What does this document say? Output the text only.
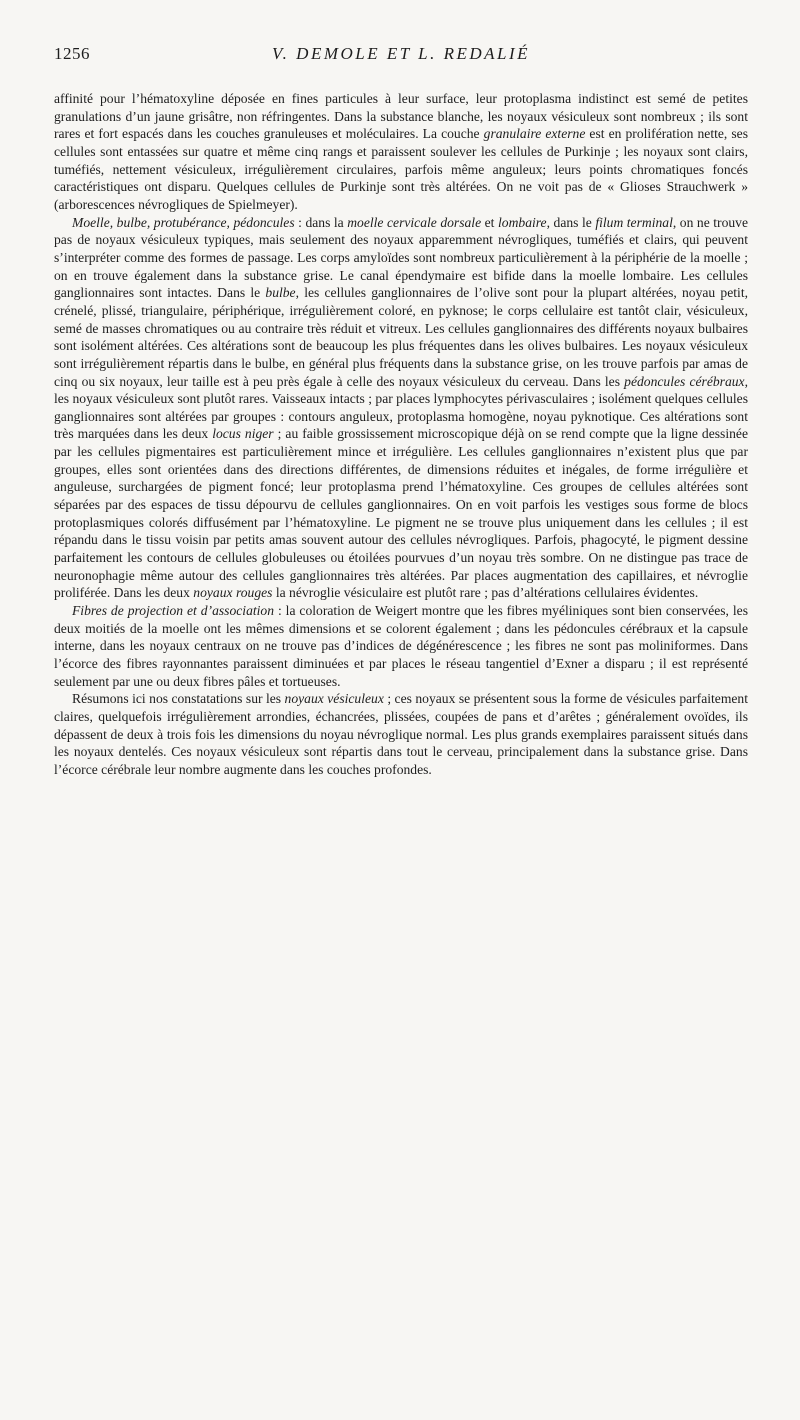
1256	V. DEMOLE ET L. REDALIÉ

affinité pour l’hématoxyline déposée en fines particules à leur surface, leur protoplasma indistinct est semé de petites granulations d’un jaune grisâtre, non réfringentes. Dans la substance blanche, les noyaux vésiculeux sont nombreux ; ils sont rares et fort espacés dans les couches granuleuses et moléculaires. La couche granulaire externe est en prolifération nette, ses cellules sont entassées sur quatre et même cinq rangs et paraissent soulever les cellules de Purkinje ; les noyaux sont clairs, tuméfiés, nettement vésiculeux, irrégulièrement circulaires, parfois même anguleux; leurs points chromatiques foncés caractéristiques ont disparu. Quelques cellules de Purkinje sont très altérées. On ne voit pas de « Glioses Strauchwerk » (arborescences névrogliques de Spielmeyer).

Moelle, bulbe, protubérance, pédoncules : dans la moelle cervicale dorsale et lombaire, dans le filum terminal, on ne trouve pas de noyaux vésiculeux typiques, mais seulement des noyaux apparemment névrogliques, tuméfiés et clairs, qui peuvent s’interpréter comme des formes de passage. Les corps amyloïdes sont nombreux particulièrement à la périphérie de la moelle ; on en trouve également dans la substance grise. Le canal épendymaire est bifide dans la moelle lombaire. Les cellules ganglionnaires sont intactes. Dans le bulbe, les cellules ganglionnaires de l’olive sont pour la plupart altérées, noyau petit, crénelé, plissé, triangulaire, périphérique, irrégulièrement coloré, en pyknose; le corps cellulaire est tantôt clair, vésiculeux, semé de masses chromatiques ou au contraire très réduit et vitreux. Les cellules ganglionnaires des différents noyaux bulbaires sont isolément altérées. Ces altérations sont de beaucoup les plus fréquentes dans les olives bulbaires. Les noyaux vésiculeux sont irrégulièrement répartis dans le bulbe, en général plus fréquents dans la substance grise, on les trouve parfois par amas de cinq ou six noyaux, leur taille est à peu près égale à celle des noyaux vésiculeux du cerveau. Dans les pédoncules cérébraux, les noyaux vésiculeux sont plutôt rares. Vaisseaux intacts ; par places lymphocytes périvasculaires ; isolément quelques cellules ganglionnaires sont altérées par groupes : contours anguleux, protoplasma homogène, noyau pyknotique. Ces altérations sont très marquées dans les deux locus niger ; au faible grossissement microscopique déjà on se rend compte que la ligne dessinée par les cellules pigmentaires est particulièrement mince et irrégulière. Les cellules ganglionnaires n’existent plus que par groupes, elles sont orientées dans des directions différentes, de dimensions réduites et inégales, de forme irrégulière et anguleuse, surchargées de pigment foncé; leur protoplasma prend l’hématoxyline. Ces groupes de cellules altérées sont séparées par des espaces de tissu dépourvu de cellules ganglionnaires. On en voit parfois les vestiges sous forme de blocs protoplasmiques colorés diffusément par l’hématoxyline. Le pigment ne se trouve plus uniquement dans les cellules ; il est répandu dans le tissu voisin par petits amas souvent autour des cellules névrogliques. Parfois, phagocyté, le pigment dessine parfaitement les contours de cellules globuleuses ou étoilées pourvues d’un noyau très sombre. On ne distingue pas trace de neuronophagie même autour des cellules ganglionnaires très altérées. Par places augmentation des capillaires, et névroglie proliférée. Dans les deux noyaux rouges la névroglie vésiculaire est plutôt rare ; pas d’altérations cellulaires évidentes.

Fibres de projection et d’association : la coloration de Weigert montre que les fibres myéliniques sont bien conservées, les deux moitiés de la moelle ont les mêmes dimensions et se colorent également ; dans les pédoncules cérébraux et la capsule interne, dans les noyaux centraux on ne trouve pas d’indices de dégénérescence ; les fibres ne sont pas moliniformes. Dans l’écorce des fibres rayonnantes paraissent diminuées et par places le réseau tangentiel d’Exner a disparu ; il est représenté seulement par une ou deux fibres pâles et tortueuses.

Résumons ici nos constatations sur les noyaux vésiculeux ; ces noyaux se présentent sous la forme de vésicules parfaitement claires, quelquefois irrégulièrement arrondies, échancrées, plissées, coupées de pans et d’arêtes ; généralement ovoïdes, ils dépassent de deux à trois fois les dimensions du noyau névroglique normal. Les plus grands exemplaires paraissent situés dans les noyaux dentelés. Ces noyaux vésiculeux sont répartis dans tout le cerveau, principalement dans la substance grise. Dans l’écorce cérébrale leur nombre augmente dans les couches profondes.
